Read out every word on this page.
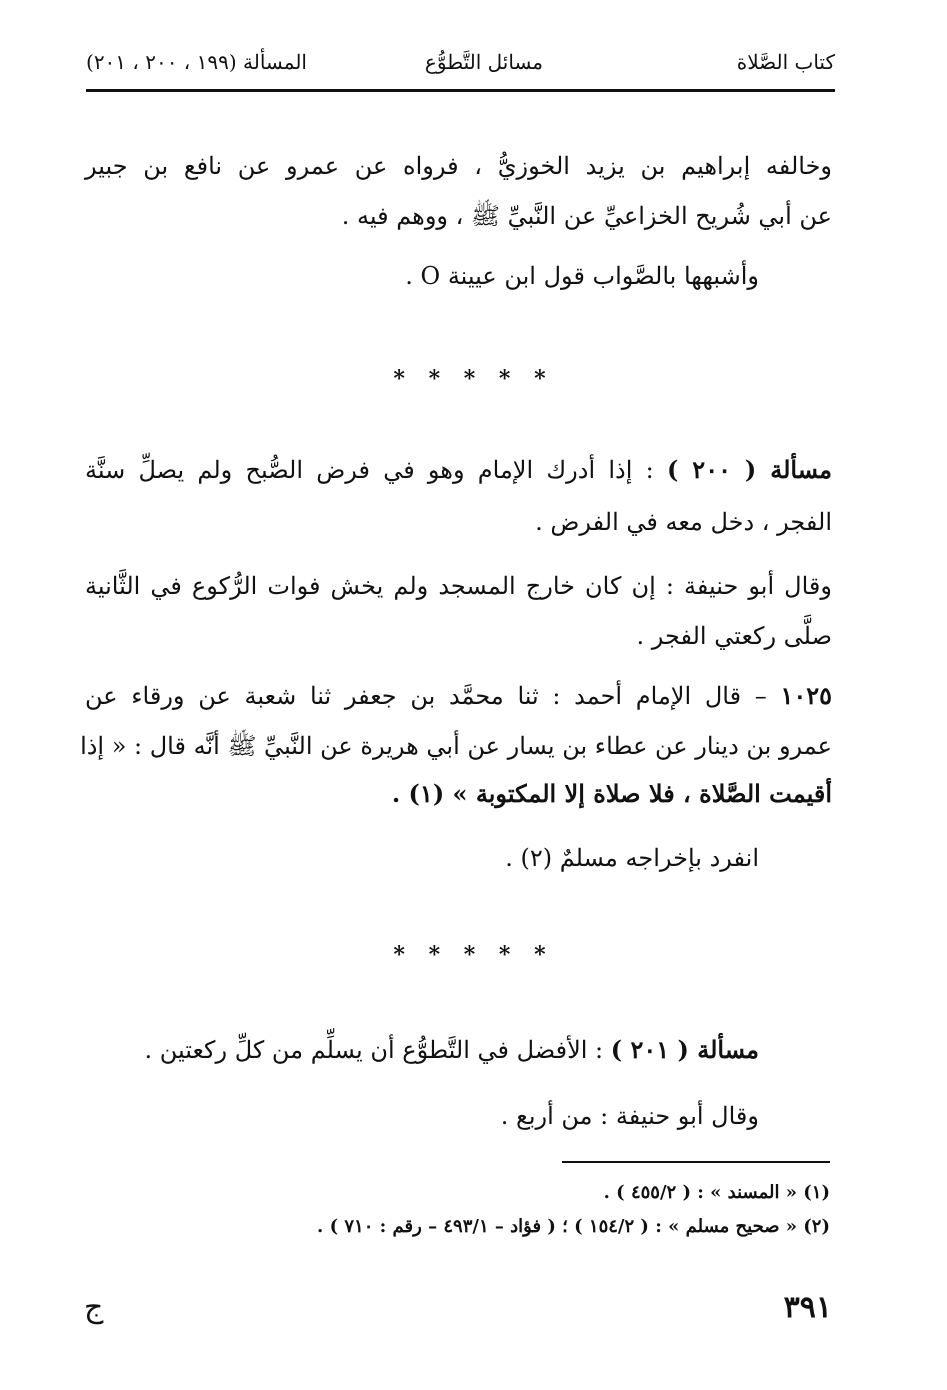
كتاب الصَّلاة
مسائل التَّطوُّع
المسألة (١٩٩ ، ٢٠٠ ، ٢٠١)
وخالفه إبراهيم بن يزيد الخوزيُّ ، فرواه عن عمرو عن نافع بن جبير
عن أبي شُريح الخزاعيِّ عن النَّبيِّ ﷺ ، ووهم فيه .
وأشبهها بالصَّواب قول ابن عيينة O .
* * * * *
مسألة ( ٢٠٠ ) : إذا أدرك الإمام وهو في فرض الصُّبح ولم يصلِّ سنَّة
الفجر ، دخل معه في الفرض .
وقال أبو حنيفة : إن كان خارج المسجد ولم يخش فوات الرُّكوع في الثَّانية
صلَّى ركعتي الفجر .
١٠٢٥ – قال الإمام أحمد : ثنا محمَّد بن جعفر ثنا شعبة عن ورقاء عن
عمرو بن دينار عن عطاء بن يسار عن أبي هريرة عن النَّبيِّ ﷺ أنَّه قال : « إذا
أقيمت الصَّلاة ، فلا صلاة إلا المكتوبة » (١) .
انفرد بإخراجه مسلمٌ (٢) .
* * * * *
مسألة ( ٢٠١ ) : الأفضل في التَّطوُّع أن يسلِّم من كلِّ ركعتين .
وقال أبو حنيفة : من أربع .
(١) « المسند » : ( ٤٥٥/٢ ) .
(٢) « صحيح مسلم » : ( ١٥٤/٢ ) ؛ ( فؤاد – ٤٩٣/١ – رقم : ٧١٠ ) .
٣٩١
ج
